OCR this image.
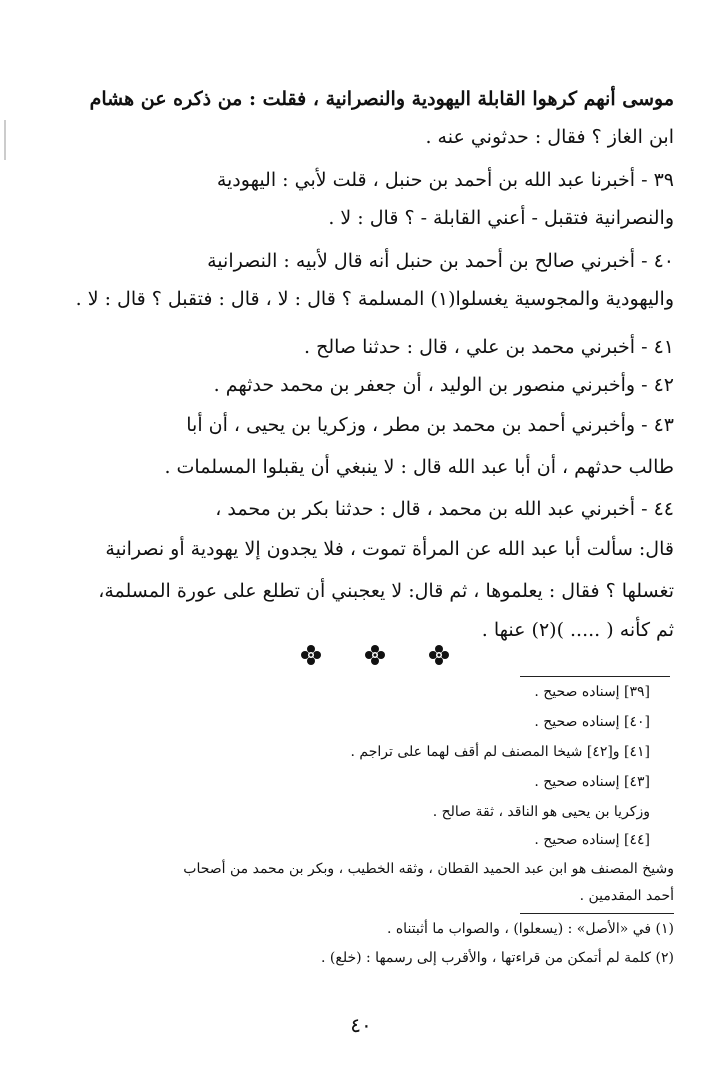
موسى أنهم كرهوا القابلة اليهودية والنصرانية ، فقلت : من ذكره عن هشام
ابن الغاز ؟ فقال : حدثوني عنه .
٣٩ - أخبرنا عبد الله بن أحمد بن حنبل ، قلت لأبي : اليهودية
والنصرانية فتقبل - أعني القابلة - ؟ قال : لا .
٤٠ - أخبرني صالح بن أحمد بن حنبل أنه قال لأبيه : النصرانية
واليهودية والمجوسية يغسلوا(١) المسلمة ؟ قال : لا ، قال : فتقبل ؟ قال : لا .
٤١ - أخبرني محمد بن علي ، قال : حدثنا صالح .
٤٢ - وأخبرني منصور بن الوليد ، أن جعفر بن محمد حدثهم .
٤٣ - وأخبرني أحمد بن محمد بن مطر ، وزكريا بن يحيى ، أن أبا
طالب حدثهم ، أن أبا عبد الله قال : لا ينبغي أن يقبلوا المسلمات .
٤٤ - أخبرني عبد الله بن محمد ، قال : حدثنا بكر بن محمد ،
قال: سألت أبا عبد الله عن المرأة تموت ، فلا يجدون إلا يهودية أو نصرانية
تغسلها ؟ فقال : يعلموها ، ثم قال: لا يعجبني أن تطلع على عورة المسلمة،
ثم كأنه ( ..... )(٢) عنها .
[٣٩] إسناده صحيح .
[٤٠] إسناده صحيح .
[٤١] و[٤٢] شيخا المصنف لم أقف لهما على تراجم .
[٤٣] إسناده صحيح .
وزكريا بن يحيى هو الناقد ، ثقة صالح .
[٤٤] إسناده صحيح .
وشيخ المصنف هو ابن عبد الحميد القطان ، وثقه الخطيب ، وبكر بن محمد من أصحاب
أحمد المقدمين .
(١) في «الأصل» : (يسعلوا) ، والصواب ما أثبتناه .
(٢) كلمة لم أتمكن من قراءتها ، والأقرب إلى رسمها : (خلع) .
٤٠
